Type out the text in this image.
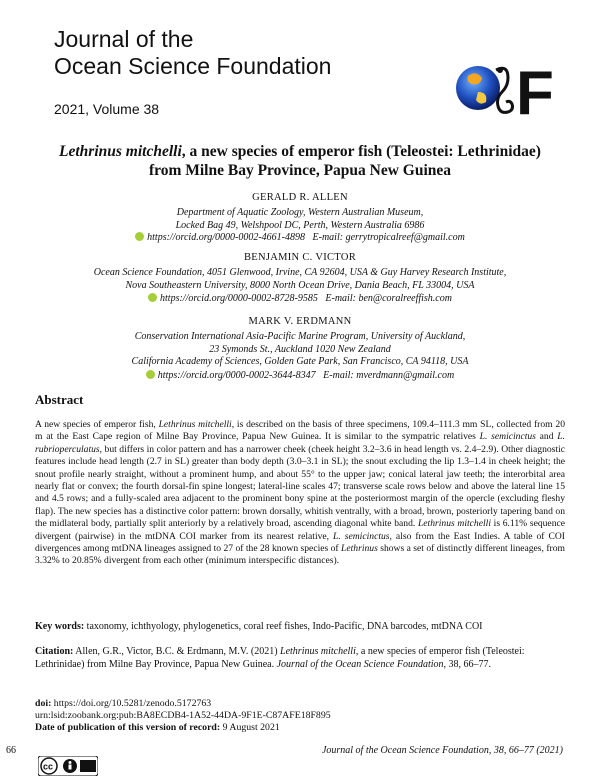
Journal of the
Ocean Science Foundation
2021, Volume 38	F
OSF
Lethrinus mitchelli, a new species of emperor fish (Teleostei: Lethrinidae)
from Milne Bay Province, Papua New Guinea
GERALD R. ALLEN
Department of Aquatic Zoology, Western Australian Museum,
Locked Bag 49, Welshpool DC, Perth, Western Australia 6986
https://orcid.org/0000-0002-4661-4898 E-mail: gerrytropicalreef@gmail.com
BENJAMIN C. VICTOR
Ocean Science Foundation, 4051 Glenwood, Irvine, CA 92604, USA & Guy Harvey Research Institute,
Nova Southeastern University, 8000 North Ocean Drive, Dania Beach, FL 33004, USA
https://orcid.org/0000-0002-8728-9585 E-mail: ben@coralreeffish.com
MARK V. ERDMANN
Conservation International Asia-Pacific Marine Program, University of Auckland,
23 Symonds St., Auckland 1020 New Zealand
California Academy of Sciences, Golden Gate Park, San Francisco, CA 94118, USA
https://orcid.org/0000-0002-3644-8347 E-mail: mverdmann@gmail.com
Abstract
A new species of emperor fish, Lethrinus mitchelli, is described on the basis of three specimens, 109.4–111.3 mm SL, collected from 20 m at the East Cape region of Milne Bay Province, Papua New Guinea. It is similar to the sympatric relatives L. semicinctus and L. rubrioperculatus, but differs in color pattern and has a narrower cheek (cheek height 3.2–3.6 in head length vs. 2.4–2.9). Other diagnostic features include head length (2.7 in SL) greater than body depth (3.0–3.1 in SL); the snout excluding the lip 1.3–1.4 in cheek height; the snout profile nearly straight, without a prominent hump, and about 55° to the upper jaw; conical lateral jaw teeth; the interorbital area nearly flat or convex; the fourth dorsal-fin spine longest; lateral-line scales 47; transverse scale rows below and above the lateral line 15 and 4.5 rows; and a fully-scaled area adjacent to the prominent bony spine at the posteriormost margin of the opercle (excluding fleshy flap). The new species has a distinctive color pattern: brown dorsally, whitish ventrally, with a broad, brown, posteriorly tapering band on the midlateral body, partially split anteriorly by a relatively broad, ascending diagonal white band. Lethrinus mitchelli is 6.11% sequence divergent (pairwise) in the mtDNA COI marker from its nearest relative, L. semicinctus, also from the East Indies. A table of COI divergences among mtDNA lineages assigned to 27 of the 28 known species of Lethrinus shows a set of distinctly different lineages, from 3.32% to 20.85% divergent from each other (minimum interspecific distances).
Key words: taxonomy, ichthyology, phylogenetics, coral reef fishes, Indo-Pacific, DNA barcodes, mtDNA COI
Citation: Allen, G.R., Victor, B.C. & Erdmann, M.V. (2021) Lethrinus mitchelli, a new species of emperor fish (Teleostei: Lethrinidae) from Milne Bay Province, Papua New Guinea. Journal of the Ocean Science Foundation, 38, 66–77.
doi: https://doi.org/10.5281/zenodo.5172763
urn:lsid:zoobank.org:pub:BA8ECDB4-1A52-44DA-9F1E-C87AFE18F895
Date of publication of this version of record: 9 August 2021
66	Journal of the Ocean Science Foundation, 38, 66–77 (2021)
cc
